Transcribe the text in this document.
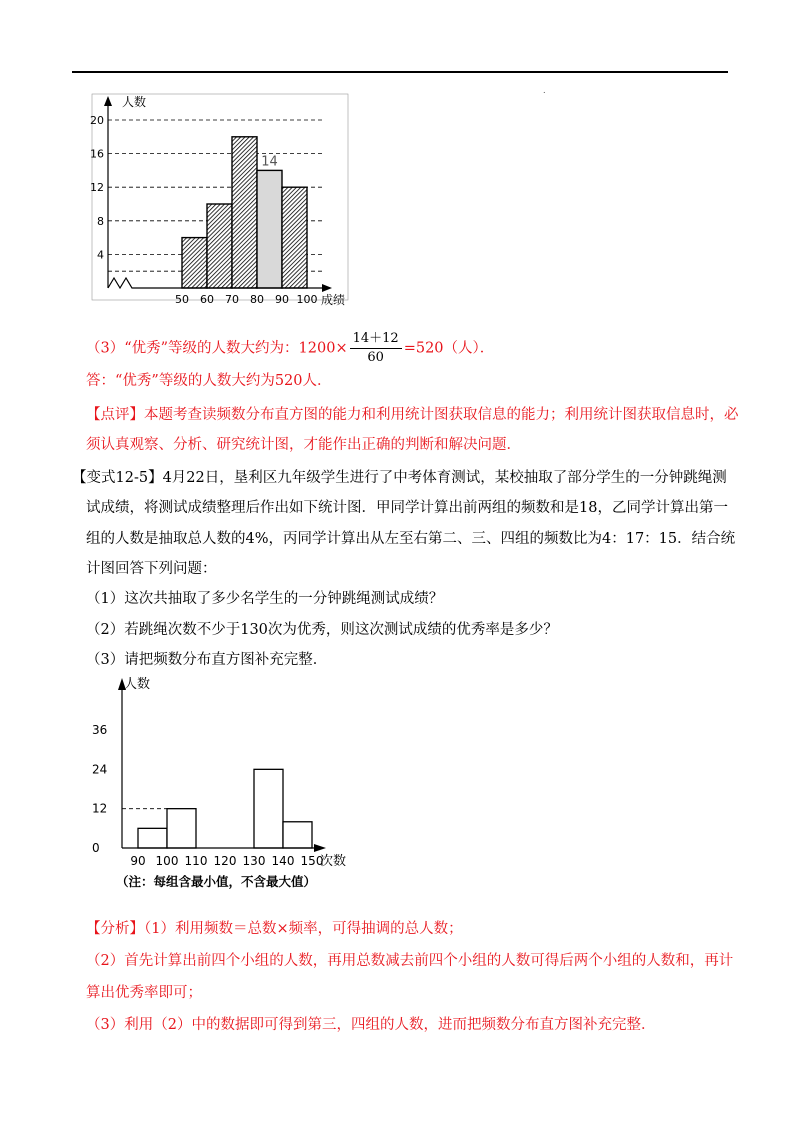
.
4
8
12
16
20
14
人数
50 60 70 80 90 100 成绩
（3）“优秀”等级的人数大约为：$1200\times \frac{14+12}{60} =520$（人）．
答：“优秀”等级的人数大约为520人．
【点评】本题考查读频数分布直方图的能力和利用统计图获取信息的能力；利用统计图获取信息时，必
须认真观察、分析、研究统计图，才能作出正确的判断和解决问题．
【变式12-5】4月22日，垦利区九年级学生进行了中考体育测试，某校抽取了部分学生的一分钟跳绳测
试成绩，将测试成绩整理后作出如下统计图．甲同学计算出前两组的频数和是18，乙同学计算出第一
组的人数是抽取总人数的4%，丙同学计算出从左至右第二、三、四组的频数比为4：17：15．结合统
计图回答下列问题：
（1）这次共抽取了多少名学生的一分钟跳绳测试成绩？
（2）若跳绳次数不少于130次为优秀，则这次测试成绩的优秀率是多少？
（3）请把频数分布直方图补充完整．
人数
0
12
24
36
90 100 110 120 130 140 150
次数
（注：每组含最小值，不含最大值）
【分析】（1）利用频数＝总数×频率，可得抽调的总人数；
（2）首先计算出前四个小组的人数，再用总数减去前四个小组的人数可得后两个小组的人数和，再计
算出优秀率即可；
（3）利用（2）中的数据即可得到第三，四组的人数，进而把频数分布直方图补充完整．
